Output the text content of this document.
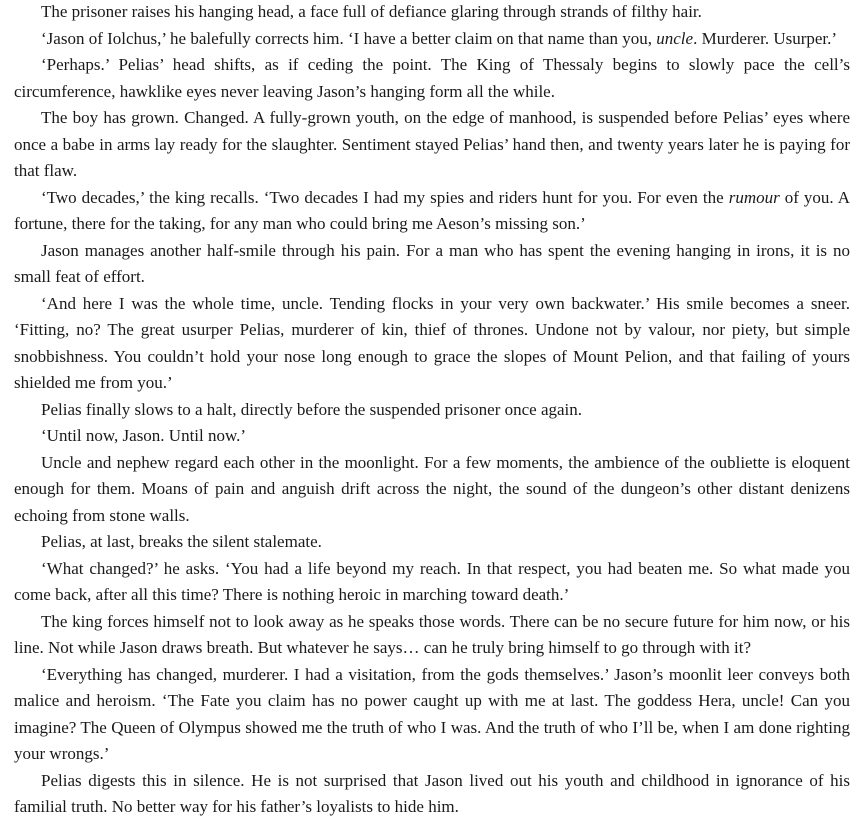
The prisoner raises his hanging head, a face full of defiance glaring through strands of filthy hair.

‘Jason of Iolchus,’ he balefully corrects him. ‘I have a better claim on that name than you, uncle. Murderer. Usurper.’

‘Perhaps.’ Pelias’ head shifts, as if ceding the point. The King of Thessaly begins to slowly pace the cell’s circumference, hawklike eyes never leaving Jason’s hanging form all the while.

The boy has grown. Changed. A fully-grown youth, on the edge of manhood, is suspended before Pelias’ eyes where once a babe in arms lay ready for the slaughter. Sentiment stayed Pelias’ hand then, and twenty years later he is paying for that flaw.

‘Two decades,’ the king recalls. ‘Two decades I had my spies and riders hunt for you. For even the rumour of you. A fortune, there for the taking, for any man who could bring me Aeson’s missing son.’

Jason manages another half-smile through his pain. For a man who has spent the evening hanging in irons, it is no small feat of effort.

‘And here I was the whole time, uncle. Tending flocks in your very own backwater.’ His smile becomes a sneer. ‘Fitting, no? The great usurper Pelias, murderer of kin, thief of thrones. Undone not by valour, nor piety, but simple snobbishness. You couldn’t hold your nose long enough to grace the slopes of Mount Pelion, and that failing of yours shielded me from you.’

Pelias finally slows to a halt, directly before the suspended prisoner once again.

‘Until now, Jason. Until now.’

Uncle and nephew regard each other in the moonlight. For a few moments, the ambience of the oubliette is eloquent enough for them. Moans of pain and anguish drift across the night, the sound of the dungeon’s other distant denizens echoing from stone walls.

Pelias, at last, breaks the silent stalemate.

‘What changed?’ he asks. ‘You had a life beyond my reach. In that respect, you had beaten me. So what made you come back, after all this time? There is nothing heroic in marching toward death.’

The king forces himself not to look away as he speaks those words. There can be no secure future for him now, or his line. Not while Jason draws breath. But whatever he says… can he truly bring himself to go through with it?

‘Everything has changed, murderer. I had a visitation, from the gods themselves.’ Jason’s moonlit leer conveys both malice and heroism. ‘The Fate you claim has no power caught up with me at last. The goddess Hera, uncle! Can you imagine? The Queen of Olympus showed me the truth of who I was. And the truth of who I’ll be, when I am done righting your wrongs.’

Pelias digests this in silence. He is not surprised that Jason lived out his youth and childhood in ignorance of his familial truth. No better way for his father’s loyalists to hide him.
